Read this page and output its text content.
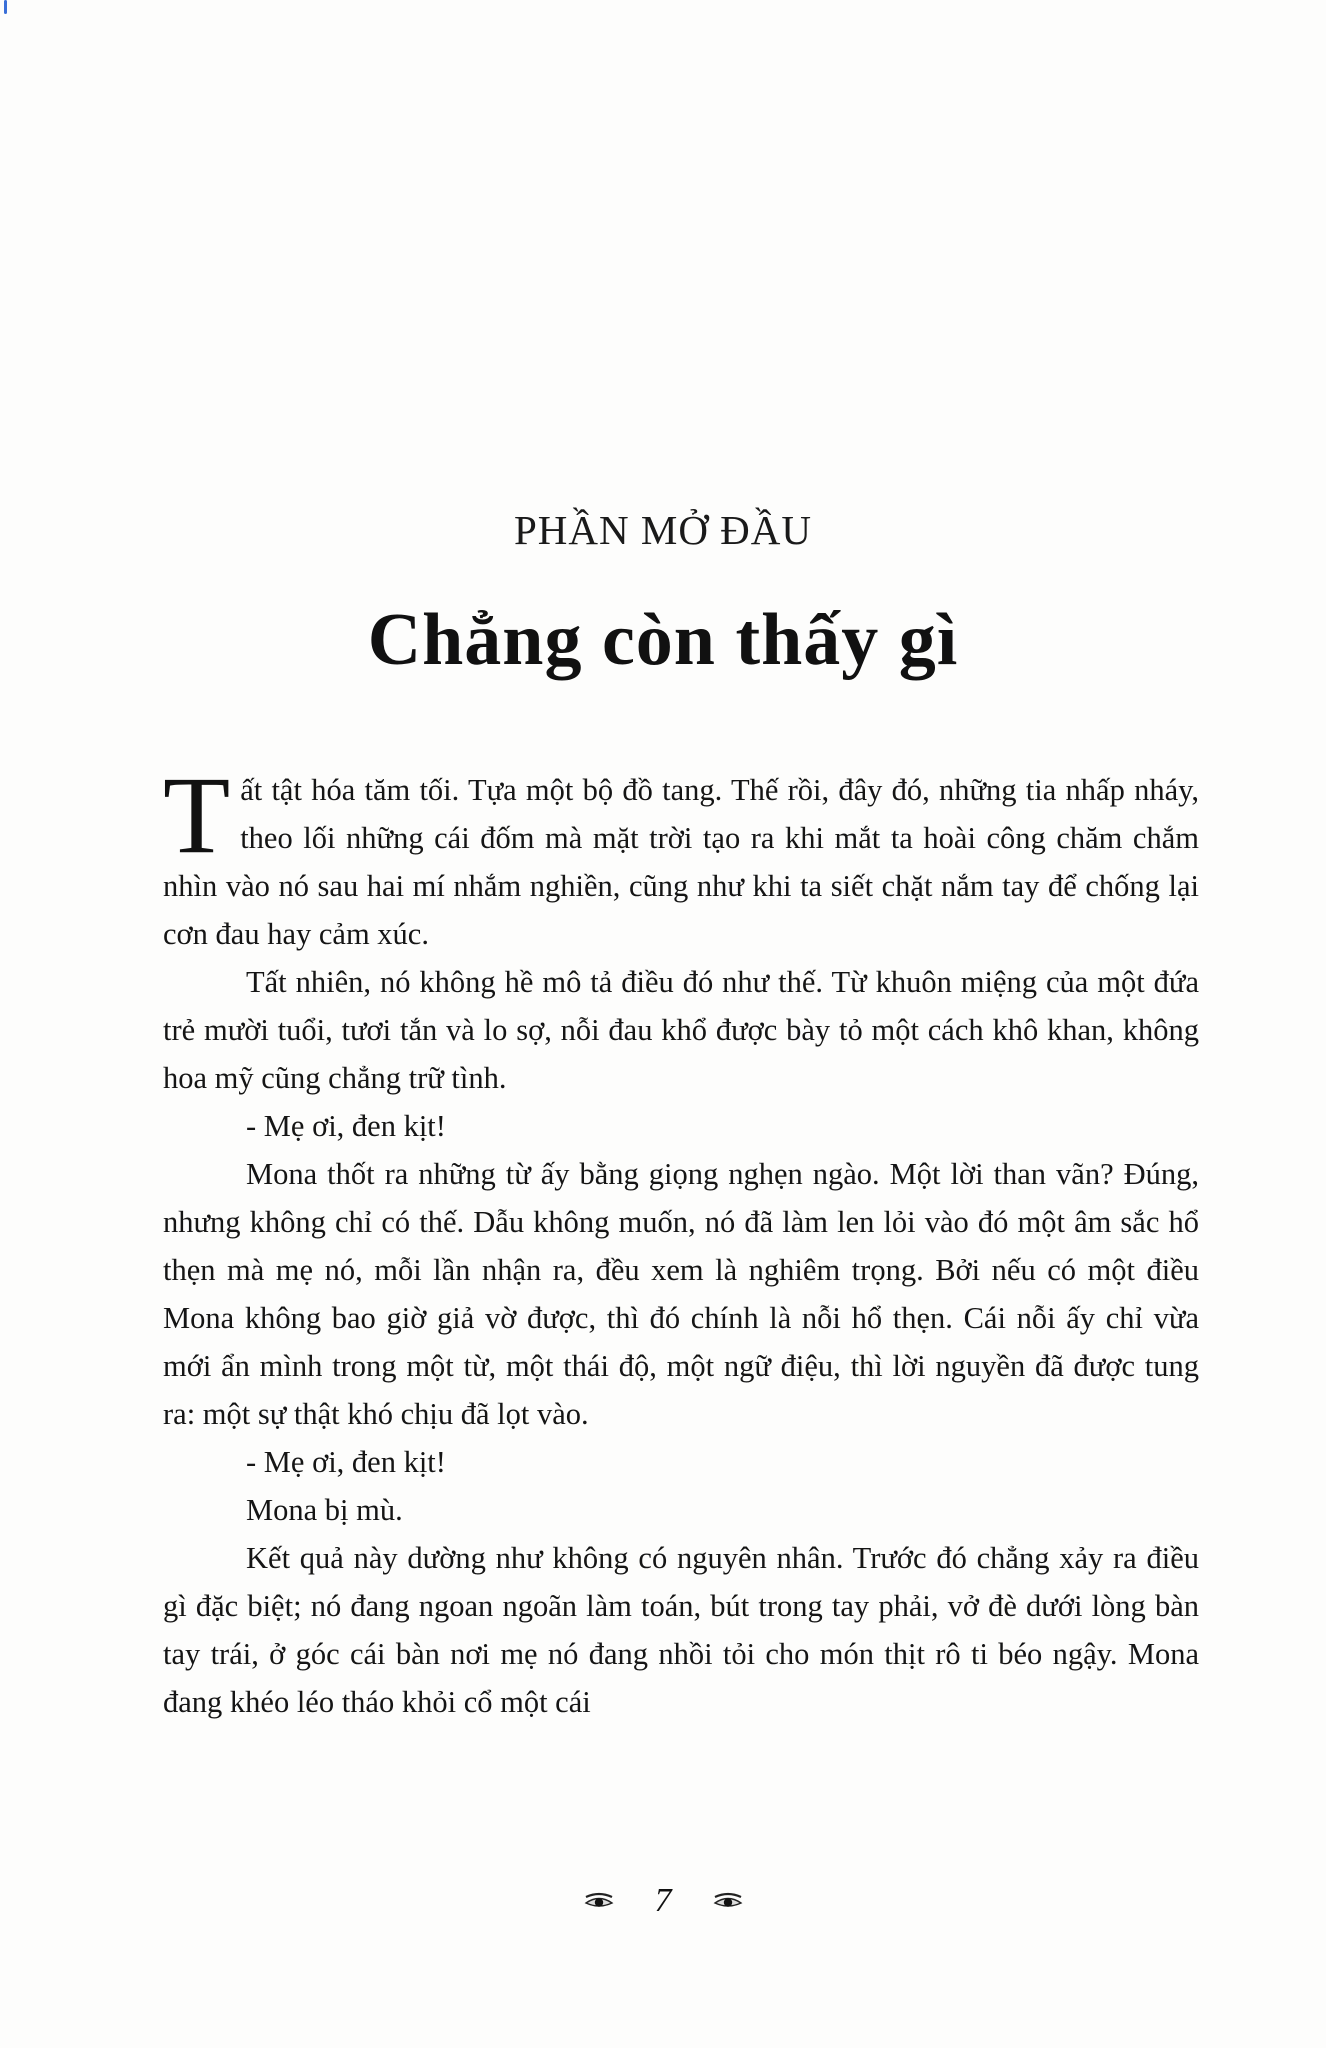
PHẦN MỞ ĐẦU
Chẳng còn thấy gì

Tất tật hóa tăm tối. Tựa một bộ đồ tang. Thế rồi, đây đó, những tia nhấp nháy, theo lối những cái đốm mà mặt trời tạo ra khi mắt ta hoài công chăm chắm nhìn vào nó sau hai mí nhắm nghiền, cũng như khi ta siết chặt nắm tay để chống lại cơn đau hay cảm xúc.

Tất nhiên, nó không hề mô tả điều đó như thế. Từ khuôn miệng của một đứa trẻ mười tuổi, tươi tắn và lo sợ, nỗi đau khổ được bày tỏ một cách khô khan, không hoa mỹ cũng chẳng trữ tình.

- Mẹ ơi, đen kịt!

Mona thốt ra những từ ấy bằng giọng nghẹn ngào. Một lời than vãn? Đúng, nhưng không chỉ có thế. Dẫu không muốn, nó đã làm len lỏi vào đó một âm sắc hổ thẹn mà mẹ nó, mỗi lần nhận ra, đều xem là nghiêm trọng. Bởi nếu có một điều Mona không bao giờ giả vờ được, thì đó chính là nỗi hổ thẹn. Cái nỗi ấy chỉ vừa mới ẩn mình trong một từ, một thái độ, một ngữ điệu, thì lời nguyền đã được tung ra: một sự thật khó chịu đã lọt vào.

- Mẹ ơi, đen kịt!

Mona bị mù.

Kết quả này dường như không có nguyên nhân. Trước đó chẳng xảy ra điều gì đặc biệt; nó đang ngoan ngoãn làm toán, bút trong tay phải, vở đè dưới lòng bàn tay trái, ở góc cái bàn nơi mẹ nó đang nhồi tỏi cho món thịt rô ti béo ngậy. Mona đang khéo léo tháo khỏi cổ một cái

7
